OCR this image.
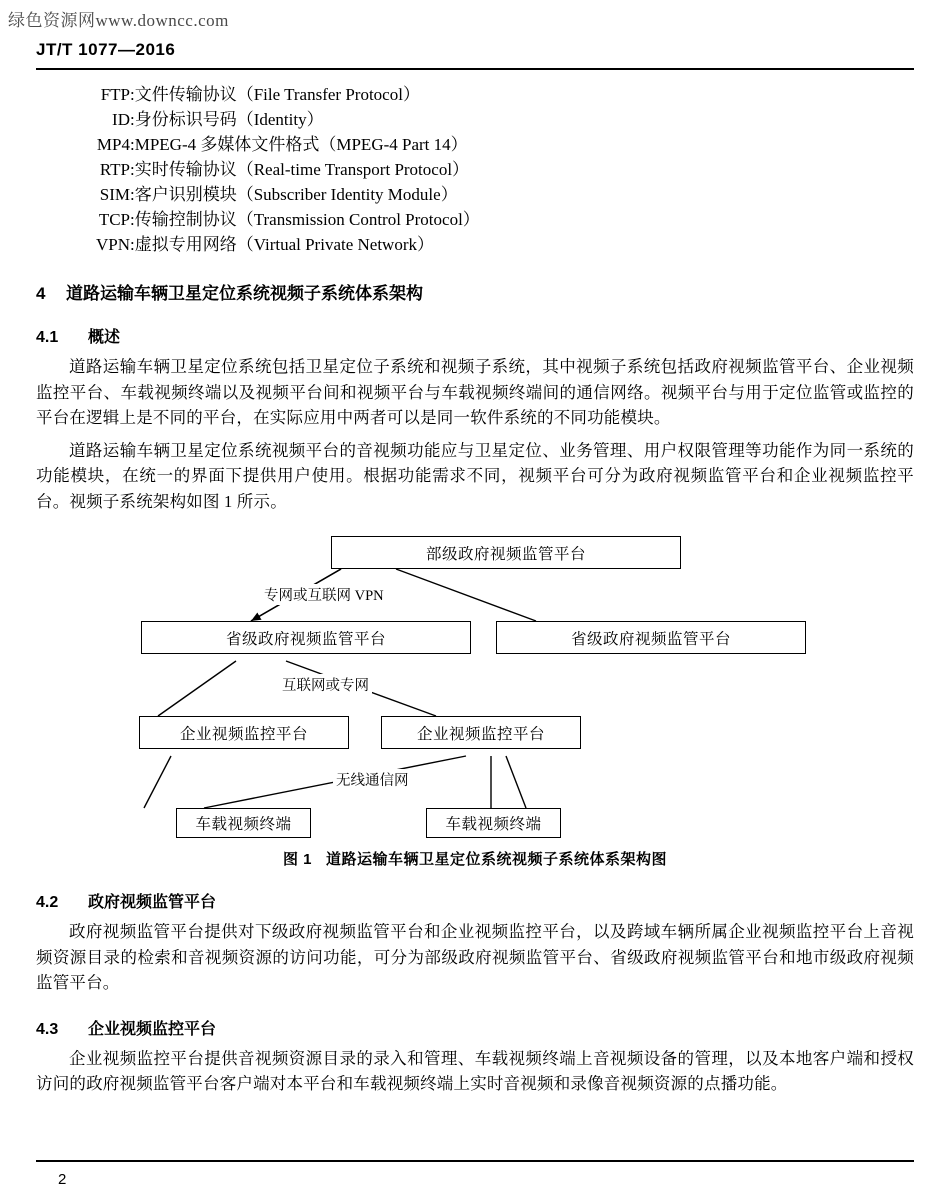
绿色资源网www.downcc.com
JT/T 1077—2016
FTP:文件传输协议（File Transfer Protocol）
ID:身份标识号码（Identity）
MP4:MPEG-4 多媒体文件格式（MPEG-4 Part 14）
RTP:实时传输协议（Real-time Transport Protocol）
SIM:客户识别模块（Subscriber Identity Module）
TCP:传输控制协议（Transmission Control Protocol）
VPN:虚拟专用网络（Virtual Private Network）
4 道路运输车辆卫星定位系统视频子系统体系架构
4.1 概述

道路运输车辆卫星定位系统包括卫星定位子系统和视频子系统，其中视频子系统包括政府视频监管平台、企业视频监控平台、车载视频终端以及视频平台间和视频平台与车载视频终端间的通信网络。视频平台与用于定位监管或监控的平台在逻辑上是不同的平台，在实际应用中两者可以是同一软件系统的不同功能模块。

道路运输车辆卫星定位系统视频平台的音视频功能应与卫星定位、业务管理、用户权限管理等功能作为同一系统的功能模块，在统一的界面下提供用户使用。根据功能需求不同，视频平台可分为政府视频监管平台和企业视频监控平台。视频子系统架构如图 1 所示。

部级政府视频监管平台
专网或互联网 VPN
省级政府视频监管平台	省级政府视频监管平台
互联网或专网
企业视频监控平台	企业视频监控平台
无线通信网
车载视频终端	车载视频终端
图 1 道路运输车辆卫星定位系统视频子系统体系架构图
4.2 政府视频监管平台

政府视频监管平台提供对下级政府视频监管平台和企业视频监控平台，以及跨域车辆所属企业视频监控平台上音视频资源目录的检索和音视频资源的访问功能，可分为部级政府视频监管平台、省级政府视频监管平台和地市级政府视频监管平台。

4.3 企业视频监控平台

企业视频监控平台提供音视频资源目录的录入和管理、车载视频终端上音视频设备的管理，以及本地客户端和授权访问的政府视频监管平台客户端对本平台和车载视频终端上实时音视频和录像音视频资源的点播功能。

2
